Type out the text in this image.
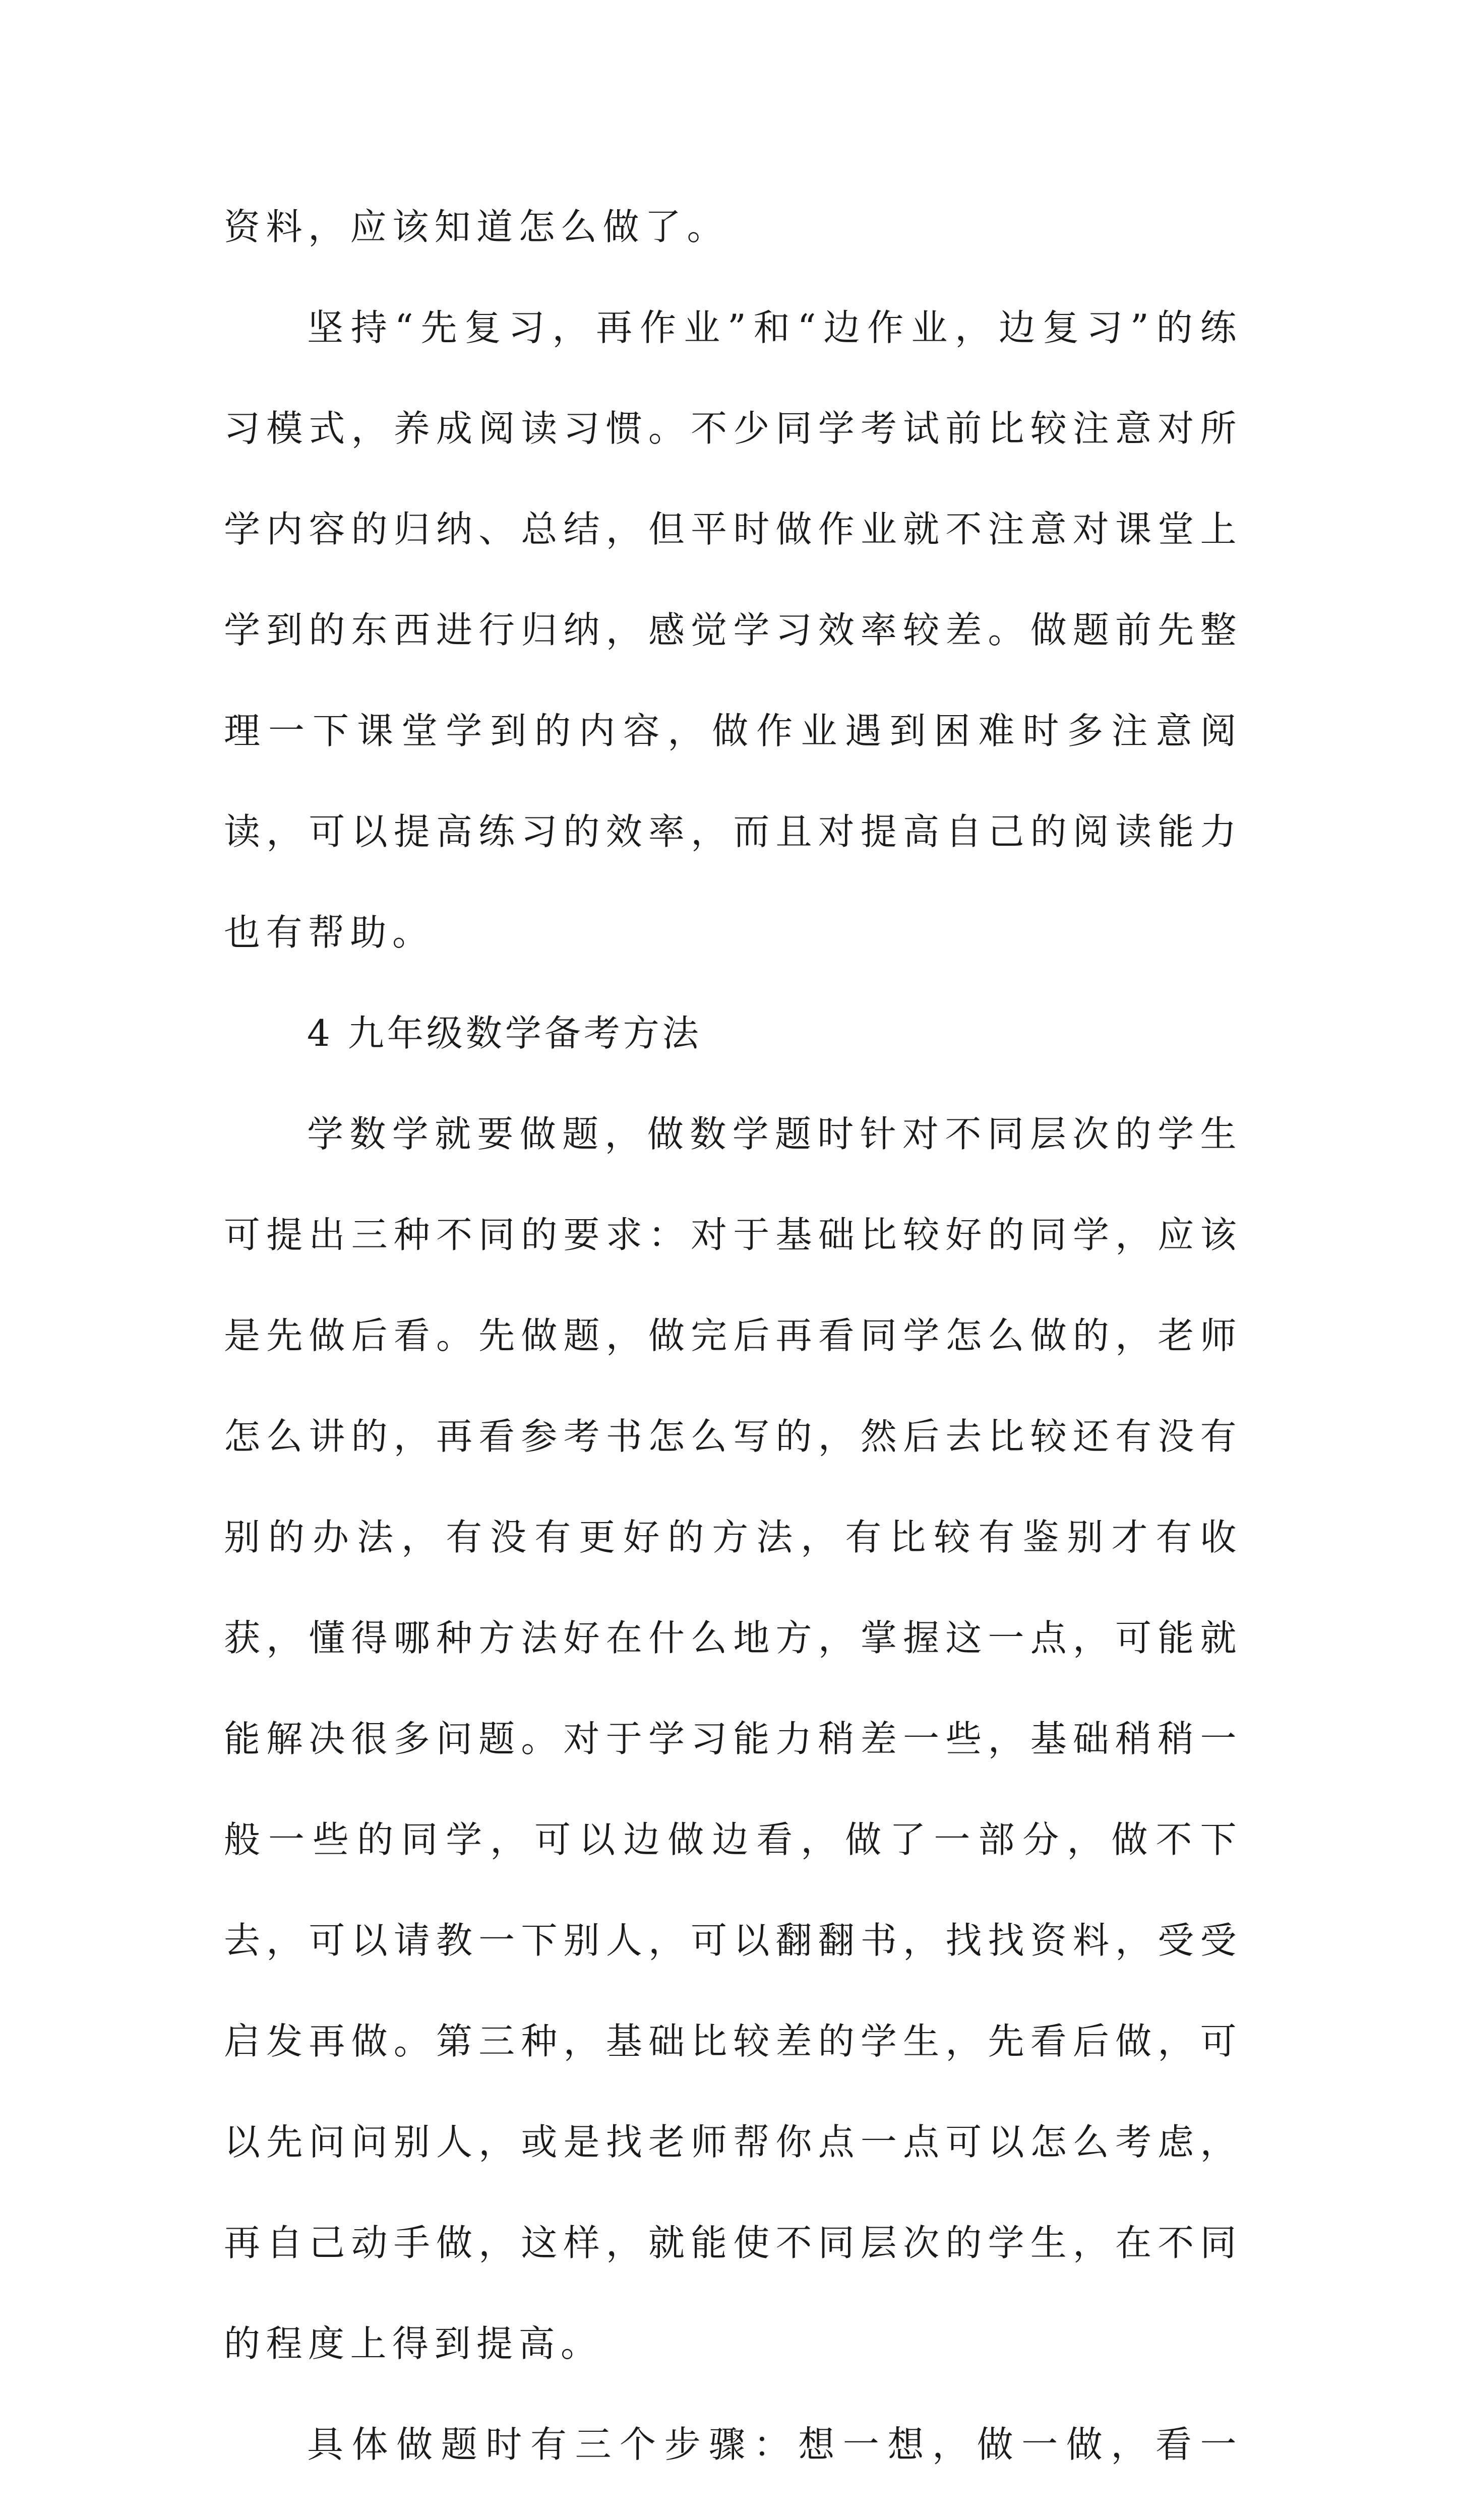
资料，应该知道怎么做了。

坚持“先复习，再作业”和“边作业，边复习”的练习模式，养成阅读习惯。不少同学考试前比较注意对所学内容的归纳、总结，但平时做作业就不注意对课堂上学到的东西进行归纳，感觉学习效率较差。做题前先整理一下课堂学到的内容，做作业遇到困难时多注意阅读，可以提高练习的效率，而且对提高自己的阅读能力也有帮助。

4 九年级数学备考方法

学数学就要做题，做数学题时针对不同层次的学生可提出三种不同的要求：对于基础比较好的同学，应该是先做后看。先做题，做完后再看同学怎么做的，老师怎么讲的，再看参考书怎么写的，然后去比较还有没有别的办法，有没有更好的方法，有比较有鉴别才有收获，懂得哪种方法好在什么地方，掌握这一点，可能就能解决很多问题。对于学习能力稍差一些，基础稍稍一般一些的同学，可以边做边看，做了一部分，做不下去，可以请教一下别人，可以翻翻书，找找资料，受受启发再做。第三种，基础比较差的学生，先看后做，可以先问问别人，或是找老师帮你点一点可以怎么考虑，再自己动手做，这样，就能使不同层次的学生，在不同的程度上得到提高。

具体做题时有三个步骤：想一想，做一做，看一
